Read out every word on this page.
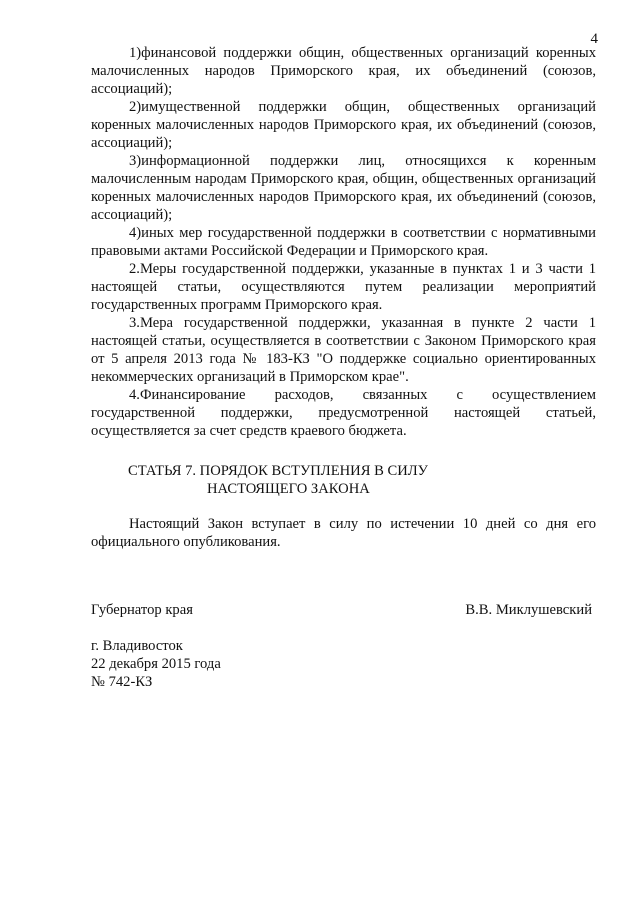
4

1)финансовой поддержки общин, общественных организаций коренных малочисленных народов Приморского края, их объединений (союзов, ассоциаций);

2)имущественной поддержки общин, общественных организаций коренных малочисленных народов Приморского края, их объединений (союзов, ассоциаций);

3)информационной поддержки лиц, относящихся к коренным малочисленным народам Приморского края, общин, общественных организаций коренных малочисленных народов Приморского края, их объединений (союзов, ассоциаций);

4)иных мер государственной поддержки в соответствии с нормативными правовыми актами Российской Федерации и Приморского края.

2.Меры государственной поддержки, указанные в пунктах 1 и 3 части 1 настоящей статьи, осуществляются путем реализации мероприятий государственных программ Приморского края.

3.Мера государственной поддержки, указанная в пункте 2 части 1 настоящей статьи, осуществляется в соответствии с Законом Приморского края от 5 апреля 2013 года № 183-КЗ "О поддержке социально ориентированных некоммерческих организаций в Приморском крае".

4.Финансирование расходов, связанных с осуществлением государственной поддержки, предусмотренной настоящей статьей, осуществляется за счет средств краевого бюджета.

СТАТЬЯ 7. ПОРЯДОК ВСТУПЛЕНИЯ В СИЛУ
НАСТОЯЩЕГО ЗАКОНА

Настоящий Закон вступает в силу по истечении 10 дней со дня его официального опубликования.

Губернатор края	В.В. Миклушевский
г. Владивосток
22 декабря 2015 года
№ 742-КЗ
